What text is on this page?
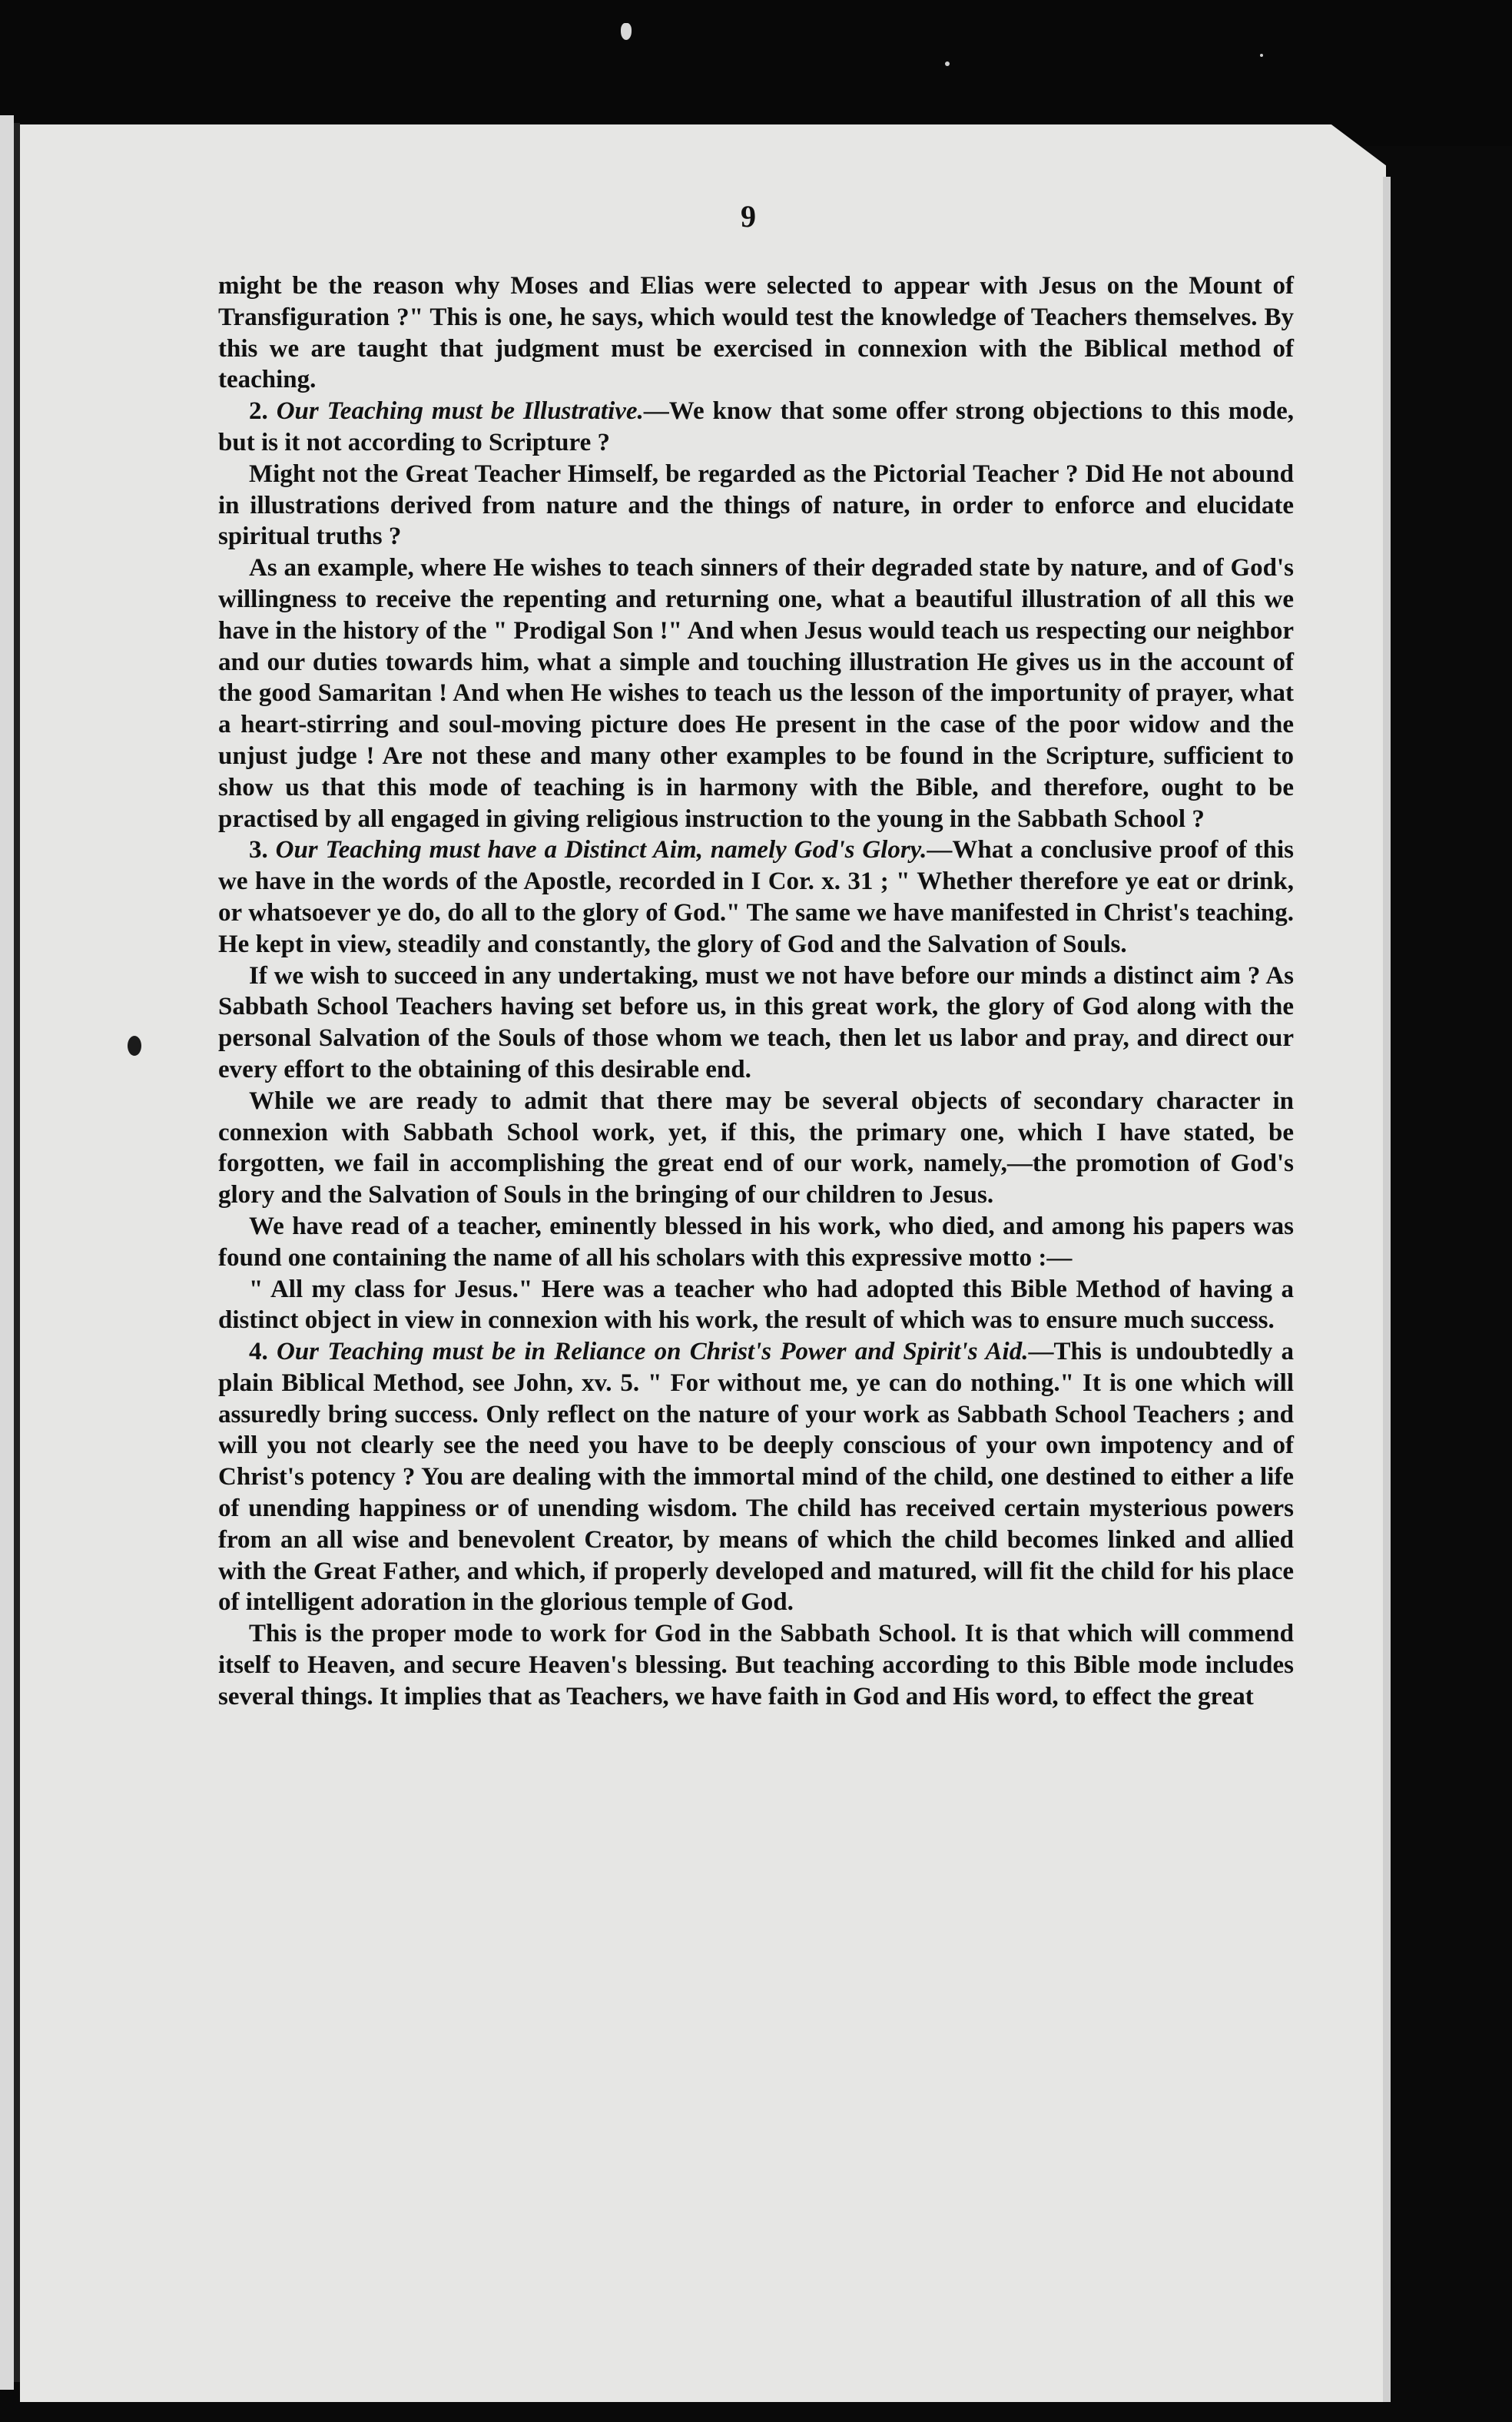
9

might be the reason why Moses and Elias were selected to appear with Jesus on the Mount of Transfiguration ?" This is one, he says, which would test the knowledge of Teachers themselves. By this we are taught that judgment must be exercised in connexion with the Biblical method of teaching.

2. Our Teaching must be Illustrative.—We know that some offer strong objections to this mode, but is it not according to Scripture ?

Might not the Great Teacher Himself, be regarded as the Pictorial Teacher ? Did He not abound in illustrations derived from nature and the things of nature, in order to enforce and elucidate spiritual truths ?

As an example, where He wishes to teach sinners of their degraded state by nature, and of God's willingness to receive the repenting and returning one, what a beautiful illustration of all this we have in the history of the " Prodigal Son !" And when Jesus would teach us respecting our neighbor and our duties towards him, what a simple and touching illustration He gives us in the account of the good Samaritan ! And when He wishes to teach us the lesson of the importunity of prayer, what a heart-stirring and soul-moving picture does He present in the case of the poor widow and the unjust judge ! Are not these and many other examples to be found in the Scripture, sufficient to show us that this mode of teaching is in harmony with the Bible, and therefore, ought to be practised by all engaged in giving religious instruction to the young in the Sabbath School ?

3. Our Teaching must have a Distinct Aim, namely God's Glory.—What a conclusive proof of this we have in the words of the Apostle, recorded in I Cor. x. 31 ; " Whether therefore ye eat or drink, or whatsoever ye do, do all to the glory of God." The same we have manifested in Christ's teaching. He kept in view, steadily and constantly, the glory of God and the Salvation of Souls.

If we wish to succeed in any undertaking, must we not have before our minds a distinct aim ? As Sabbath School Teachers having set before us, in this great work, the glory of God along with the personal Salvation of the Souls of those whom we teach, then let us labor and pray, and direct our every effort to the obtaining of this desirable end.

While we are ready to admit that there may be several objects of secondary character in connexion with Sabbath School work, yet, if this, the primary one, which I have stated, be forgotten, we fail in accomplishing the great end of our work, namely,—the promotion of God's glory and the Salvation of Souls in the bringing of our children to Jesus.

We have read of a teacher, eminently blessed in his work, who died, and among his papers was found one containing the name of all his scholars with this expressive motto :—

" All my class for Jesus." Here was a teacher who had adopted this Bible Method of having a distinct object in view in connexion with his work, the result of which was to ensure much success.

4. Our Teaching must be in Reliance on Christ's Power and Spirit's Aid.—This is undoubtedly a plain Biblical Method, see John, xv. 5. " For without me, ye can do nothing." It is one which will assuredly bring success. Only reflect on the nature of your work as Sabbath School Teachers ; and will you not clearly see the need you have to be deeply conscious of your own impotency and of Christ's potency ? You are dealing with the immortal mind of the child, one destined to either a life of unending happiness or of unending wisdom. The child has received certain mysterious powers from an all wise and benevolent Creator, by means of which the child becomes linked and allied with the Great Father, and which, if properly developed and matured, will fit the child for his place of intelligent adoration in the glorious temple of God.

This is the proper mode to work for God in the Sabbath School. It is that which will commend itself to Heaven, and secure Heaven's blessing. But teaching according to this Bible mode includes several things. It implies that as Teachers, we have faith in God and His word, to effect the great
